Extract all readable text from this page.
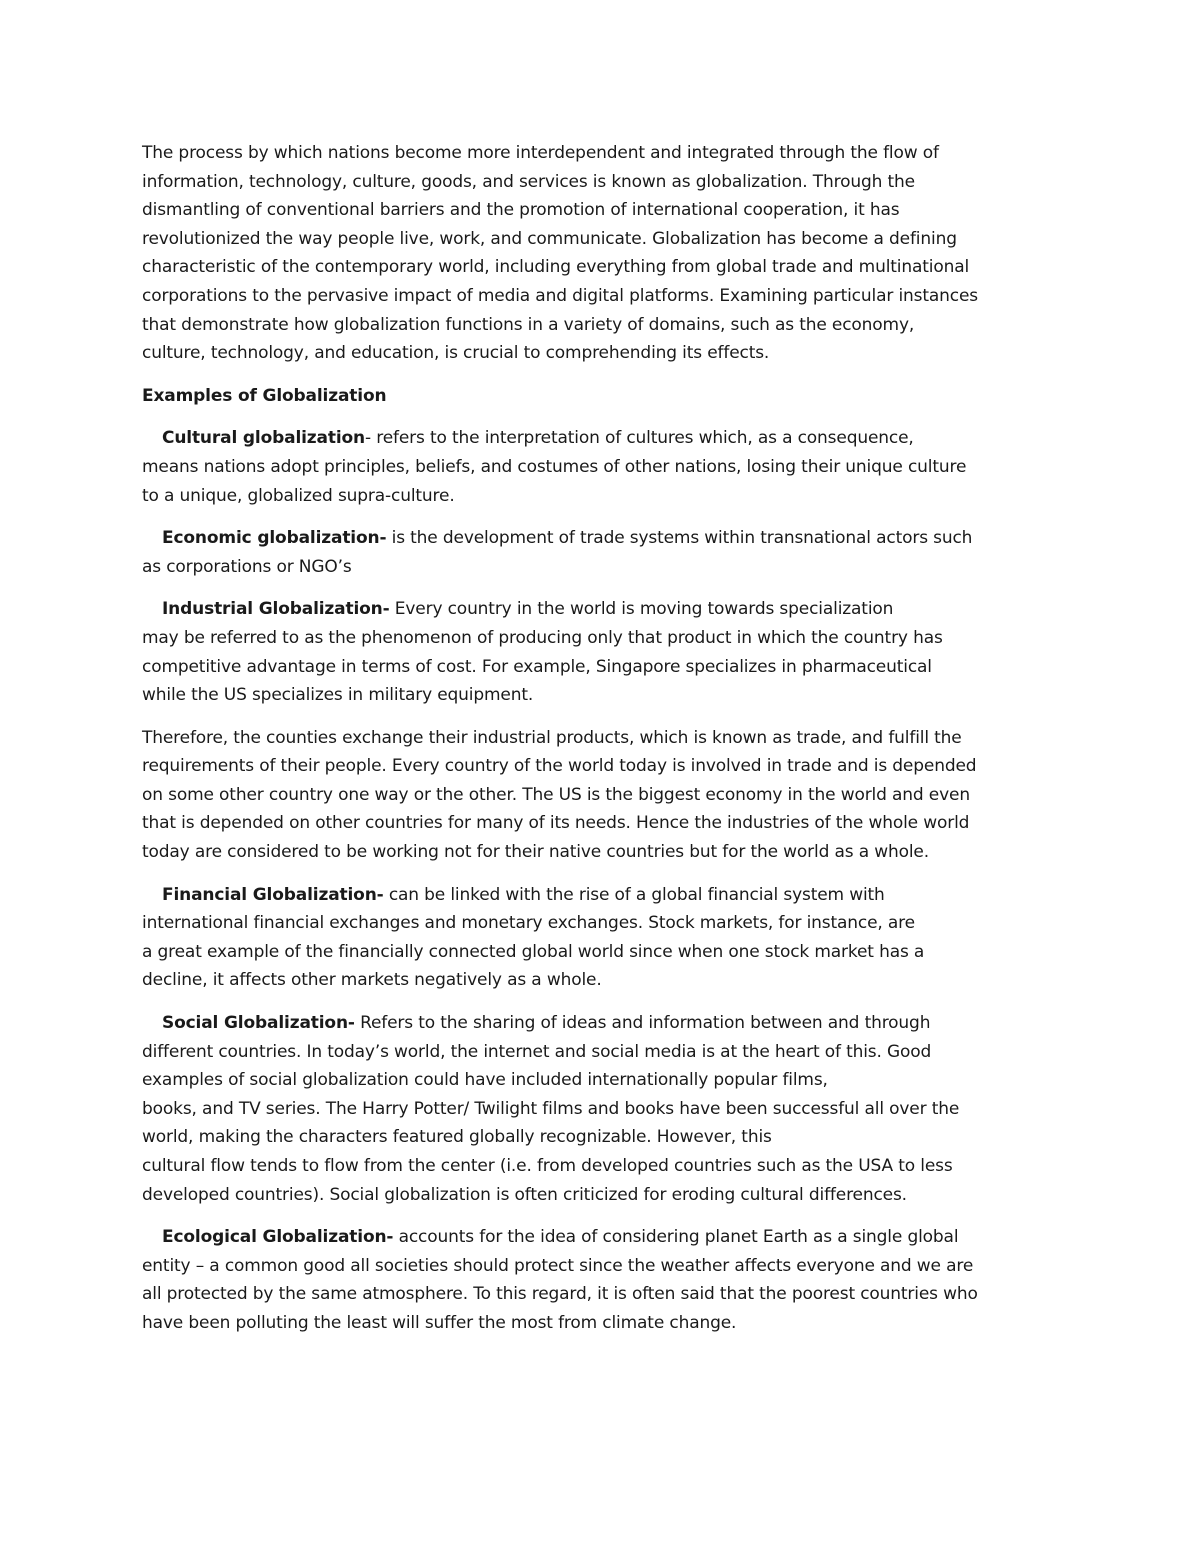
The process by which nations become more interdependent and integrated through the flow of
information, technology, culture, goods, and services is known as globalization. Through the
dismantling of conventional barriers and the promotion of international cooperation, it has
revolutionized the way people live, work, and communicate. Globalization has become a defining
characteristic of the contemporary world, including everything from global trade and multinational
corporations to the pervasive impact of media and digital platforms. Examining particular instances
that demonstrate how globalization functions in a variety of domains, such as the economy,
culture, technology, and education, is crucial to comprehending its effects.
Examples of Globalization
Cultural globalization- refers to the interpretation of cultures which, as a consequence,
means nations adopt principles, beliefs, and costumes of other nations, losing their unique culture
to a unique, globalized supra-culture.
Economic globalization- is the development of trade systems within transnational actors such
as corporations or NGO’s
Industrial Globalization- Every country in the world is moving towards specialization
may be referred to as the phenomenon of producing only that product in which the country has
competitive advantage in terms of cost. For example, Singapore specializes in pharmaceutical
while the US specializes in military equipment.
Therefore, the counties exchange their industrial products, which is known as trade, and fulfill the
requirements of their people. Every country of the world today is involved in trade and is depended
on some other country one way or the other. The US is the biggest economy in the world and even
that is depended on other countries for many of its needs. Hence the industries of the whole world
today are considered to be working not for their native countries but for the world as a whole.
Financial Globalization- can be linked with the rise of a global financial system with
international financial exchanges and monetary exchanges. Stock markets, for instance, are
a great example of the financially connected global world since when one stock market has a
decline, it affects other markets negatively as a whole.
Social Globalization- Refers to the sharing of ideas and information between and through
different countries. In today’s world, the internet and social media is at the heart of this. Good
examples of social globalization could have included internationally popular films,
books, and TV series. The Harry Potter/ Twilight films and books have been successful all over the
world, making the characters featured globally recognizable. However, this
cultural flow tends to flow from the center (i.e. from developed countries such as the USA to less
developed countries). Social globalization is often criticized for eroding cultural differences.
Ecological Globalization- accounts for the idea of considering planet Earth as a single global
entity – a common good all societies should protect since the weather affects everyone and we are
all protected by the same atmosphere. To this regard, it is often said that the poorest countries who
have been polluting the least will suffer the most from climate change.
